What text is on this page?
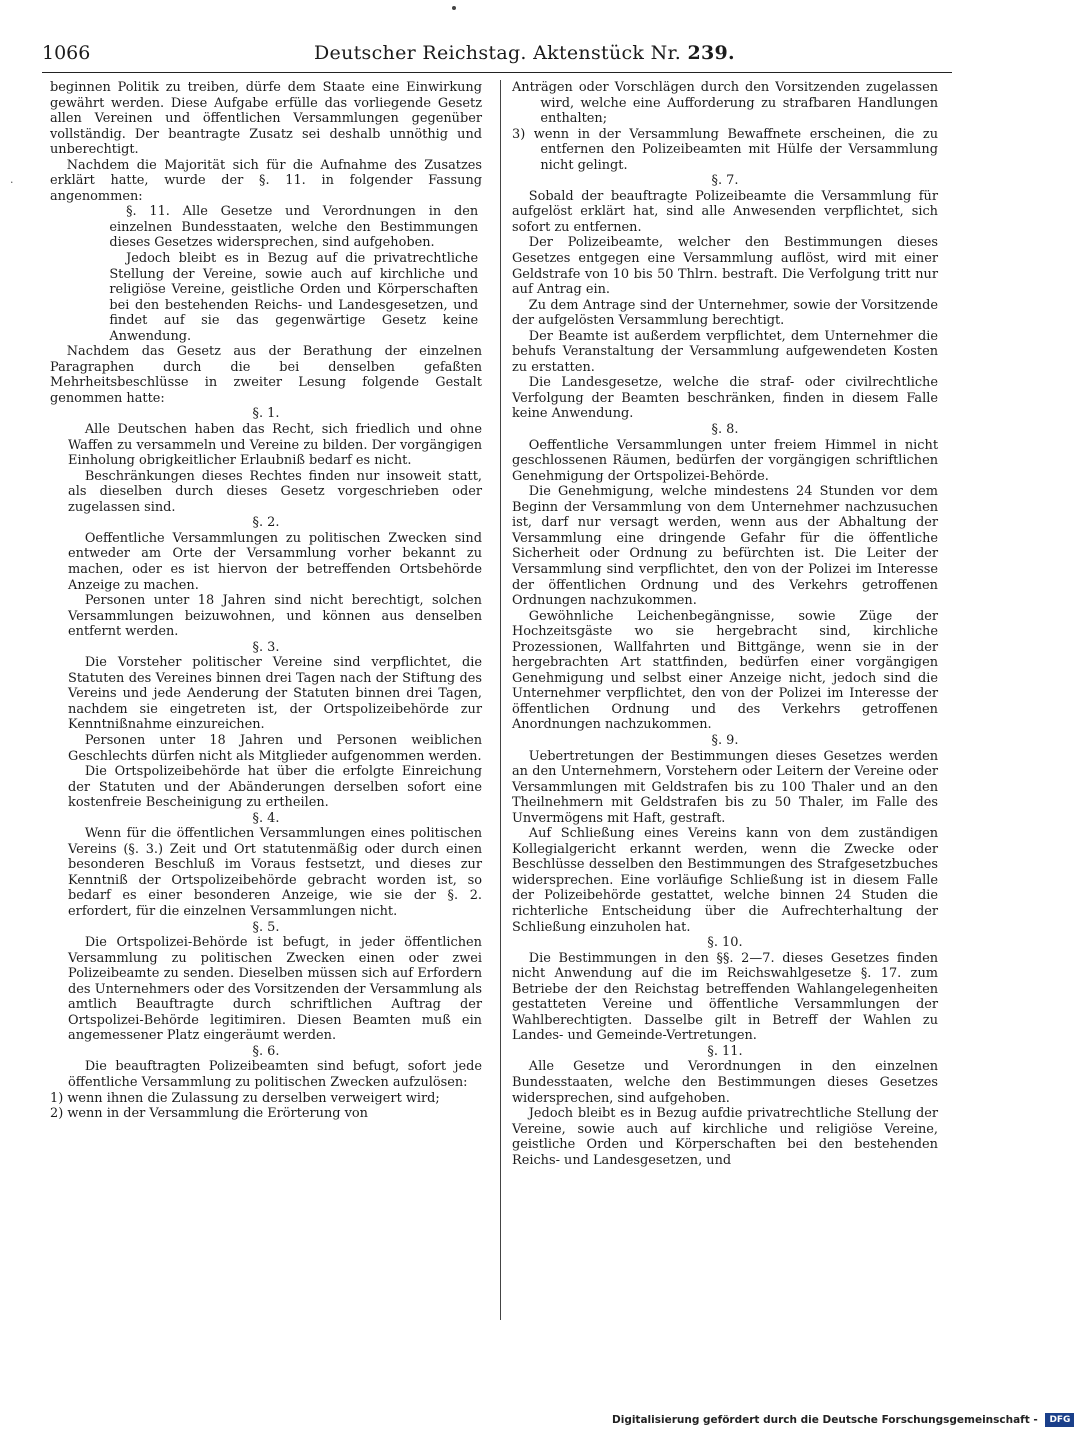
1066	Deutscher Reichstag. Aktenstück Nr. 239.
·

beginnen Politik zu treiben, dürfe dem Staate eine Einwirkung gewährt werden. Diese Aufgabe erfülle das vorliegende Gesetz allen Vereinen und öffentlichen Versammlungen gegenüber vollständig. Der beantragte Zusatz sei deshalb unnöthig und unberechtigt.

Nachdem die Majorität sich für die Aufnahme des Zusatzes erklärt hatte, wurde der §. 11. in folgender Fassung angenommen:

§. 11. Alle Gesetze und Verordnungen in den einzelnen Bundesstaaten, welche den Bestimmungen dieses Gesetzes widersprechen, sind aufgehoben.

Jedoch bleibt es in Bezug auf die privatrechtliche Stellung der Vereine, sowie auch auf kirchliche und religiöse Vereine, geistliche Orden und Körperschaften bei den bestehenden Reichs- und Landesgesetzen, und findet auf sie das gegenwärtige Gesetz keine Anwendung.

Nachdem das Gesetz aus der Berathung der einzelnen Paragraphen durch die bei denselben gefaßten Mehrheitsbeschlüsse in zweiter Lesung folgende Gestalt genommen hatte:

§. 1.

Alle Deutschen haben das Recht, sich friedlich und ohne Waffen zu versammeln und Vereine zu bilden. Der vorgängigen Einholung obrigkeitlicher Erlaubniß bedarf es nicht.

Beschränkungen dieses Rechtes finden nur insoweit statt, als dieselben durch dieses Gesetz vorgeschrieben oder zugelassen sind.

§. 2.

Oeffentliche Versammlungen zu politischen Zwecken sind entweder am Orte der Versammlung vorher bekannt zu machen, oder es ist hiervon der betreffenden Ortsbehörde Anzeige zu machen.

Personen unter 18 Jahren sind nicht berechtigt, solchen Versammlungen beizuwohnen, und können aus denselben entfernt werden.

§. 3.

Die Vorsteher politischer Vereine sind verpflichtet, die Statuten des Vereines binnen drei Tagen nach der Stiftung des Vereins und jede Aenderung der Statuten binnen drei Tagen, nachdem sie eingetreten ist, der Ortspolizeibehörde zur Kenntnißnahme einzureichen.

Personen unter 18 Jahren und Personen weiblichen Geschlechts dürfen nicht als Mitglieder aufgenommen werden.

Die Ortspolizeibehörde hat über die erfolgte Einreichung der Statuten und der Abänderungen derselben sofort eine kostenfreie Bescheinigung zu ertheilen.

§. 4.

Wenn für die öffentlichen Versammlungen eines politischen Vereins (§. 3.) Zeit und Ort statutenmäßig oder durch einen besonderen Beschluß im Voraus festsetzt, und dieses zur Kenntniß der Ortspolizeibehörde gebracht worden ist, so bedarf es einer besonderen Anzeige, wie sie der §. 2. erfordert, für die einzelnen Versammlungen nicht.

§. 5.

Die Ortspolizei-Behörde ist befugt, in jeder öffentlichen Versammlung zu politischen Zwecken einen oder zwei Polizeibeamte zu senden. Dieselben müssen sich auf Erfordern des Unternehmers oder des Vorsitzenden der Versammlung als amtlich Beauftragte durch schriftlichen Auftrag der Ortspolizei-Behörde legitimiren. Diesen Beamten muß ein angemessener Platz eingeräumt werden.

§. 6.

Die beauftragten Polizeibeamten sind befugt, sofort jede öffentliche Versammlung zu politischen Zwecken aufzulösen:

1) wenn ihnen die Zulassung zu derselben verweigert wird;

2) wenn in der Versammlung die Erörterung von

Anträgen oder Vorschlägen durch den Vorsitzenden zugelassen wird, welche eine Aufforderung zu strafbaren Handlungen enthalten;

3) wenn in der Versammlung Bewaffnete erscheinen, die zu entfernen den Polizeibeamten mit Hülfe der Versammlung nicht gelingt.

§. 7.

Sobald der beauftragte Polizeibeamte die Versammlung für aufgelöst erklärt hat, sind alle Anwesenden verpflichtet, sich sofort zu entfernen.

Der Polizeibeamte, welcher den Bestimmungen dieses Gesetzes entgegen eine Versammlung auflöst, wird mit einer Geldstrafe von 10 bis 50 Thlrn. bestraft. Die Verfolgung tritt nur auf Antrag ein.

Zu dem Antrage sind der Unternehmer, sowie der Vorsitzende der aufgelösten Versammlung berechtigt.

Der Beamte ist außerdem verpflichtet, dem Unternehmer die behufs Veranstaltung der Versammlung aufgewendeten Kosten zu erstatten.

Die Landesgesetze, welche die straf- oder civilrechtliche Verfolgung der Beamten beschränken, finden in diesem Falle keine Anwendung.

§. 8.

Oeffentliche Versammlungen unter freiem Himmel in nicht geschlossenen Räumen, bedürfen der vorgängigen schriftlichen Genehmigung der Ortspolizei-Behörde.

Die Genehmigung, welche mindestens 24 Stunden vor dem Beginn der Versammlung von dem Unternehmer nachzusuchen ist, darf nur versagt werden, wenn aus der Abhaltung der Versammlung eine dringende Gefahr für die öffentliche Sicherheit oder Ordnung zu befürchten ist. Die Leiter der Versammlung sind verpflichtet, den von der Polizei im Interesse der öffentlichen Ordnung und des Verkehrs getroffenen Ordnungen nachzukommen.

Gewöhnliche Leichenbegängnisse, sowie Züge der Hochzeitsgäste wo sie hergebracht sind, kirchliche Prozessionen, Wallfahrten und Bittgänge, wenn sie in der hergebrachten Art stattfinden, bedürfen einer vorgängigen Genehmigung und selbst einer Anzeige nicht, jedoch sind die Unternehmer verpflichtet, den von der Polizei im Interesse der öffentlichen Ordnung und des Verkehrs getroffenen Anordnungen nachzukommen.

§. 9.

Uebertretungen der Bestimmungen dieses Gesetzes werden an den Unternehmern, Vorstehern oder Leitern der Vereine oder Versammlungen mit Geldstrafen bis zu 100 Thaler und an den Theilnehmern mit Geldstrafen bis zu 50 Thaler, im Falle des Unvermögens mit Haft, gestraft.

Auf Schließung eines Vereins kann von dem zuständigen Kollegialgericht erkannt werden, wenn die Zwecke oder Beschlüsse desselben den Bestimmungen des Strafgesetzbuches widersprechen. Eine vorläufige Schließung ist in diesem Falle der Polizeibehörde gestattet, welche binnen 24 Studen die richterliche Entscheidung über die Aufrechterhaltung der Schließung einzuholen hat.

§. 10.

Die Bestimmungen in den §§. 2—7. dieses Gesetzes finden nicht Anwendung auf die im Reichswahlgesetze §. 17. zum Betriebe der den Reichstag betreffenden Wahlangelegenheiten gestatteten Vereine und öffentliche Versammlungen der Wahlberechtigten. Dasselbe gilt in Betreff der Wahlen zu Landes- und Gemeinde-Vertretungen.

§. 11.

Alle Gesetze und Verordnungen in den einzelnen Bundesstaaten, welche den Bestimmungen dieses Gesetzes widersprechen, sind aufgehoben.

Jedoch bleibt es in Bezug aufdie privatrechtliche Stellung der Vereine, sowie auch auf kirchliche und religiöse Vereine, geistliche Orden und Körperschaften bei den bestehenden Reichs- und Landesgesetzen, und

Digitalisierung gefördert durch die Deutsche Forschungsgemeinschaft - DFG
